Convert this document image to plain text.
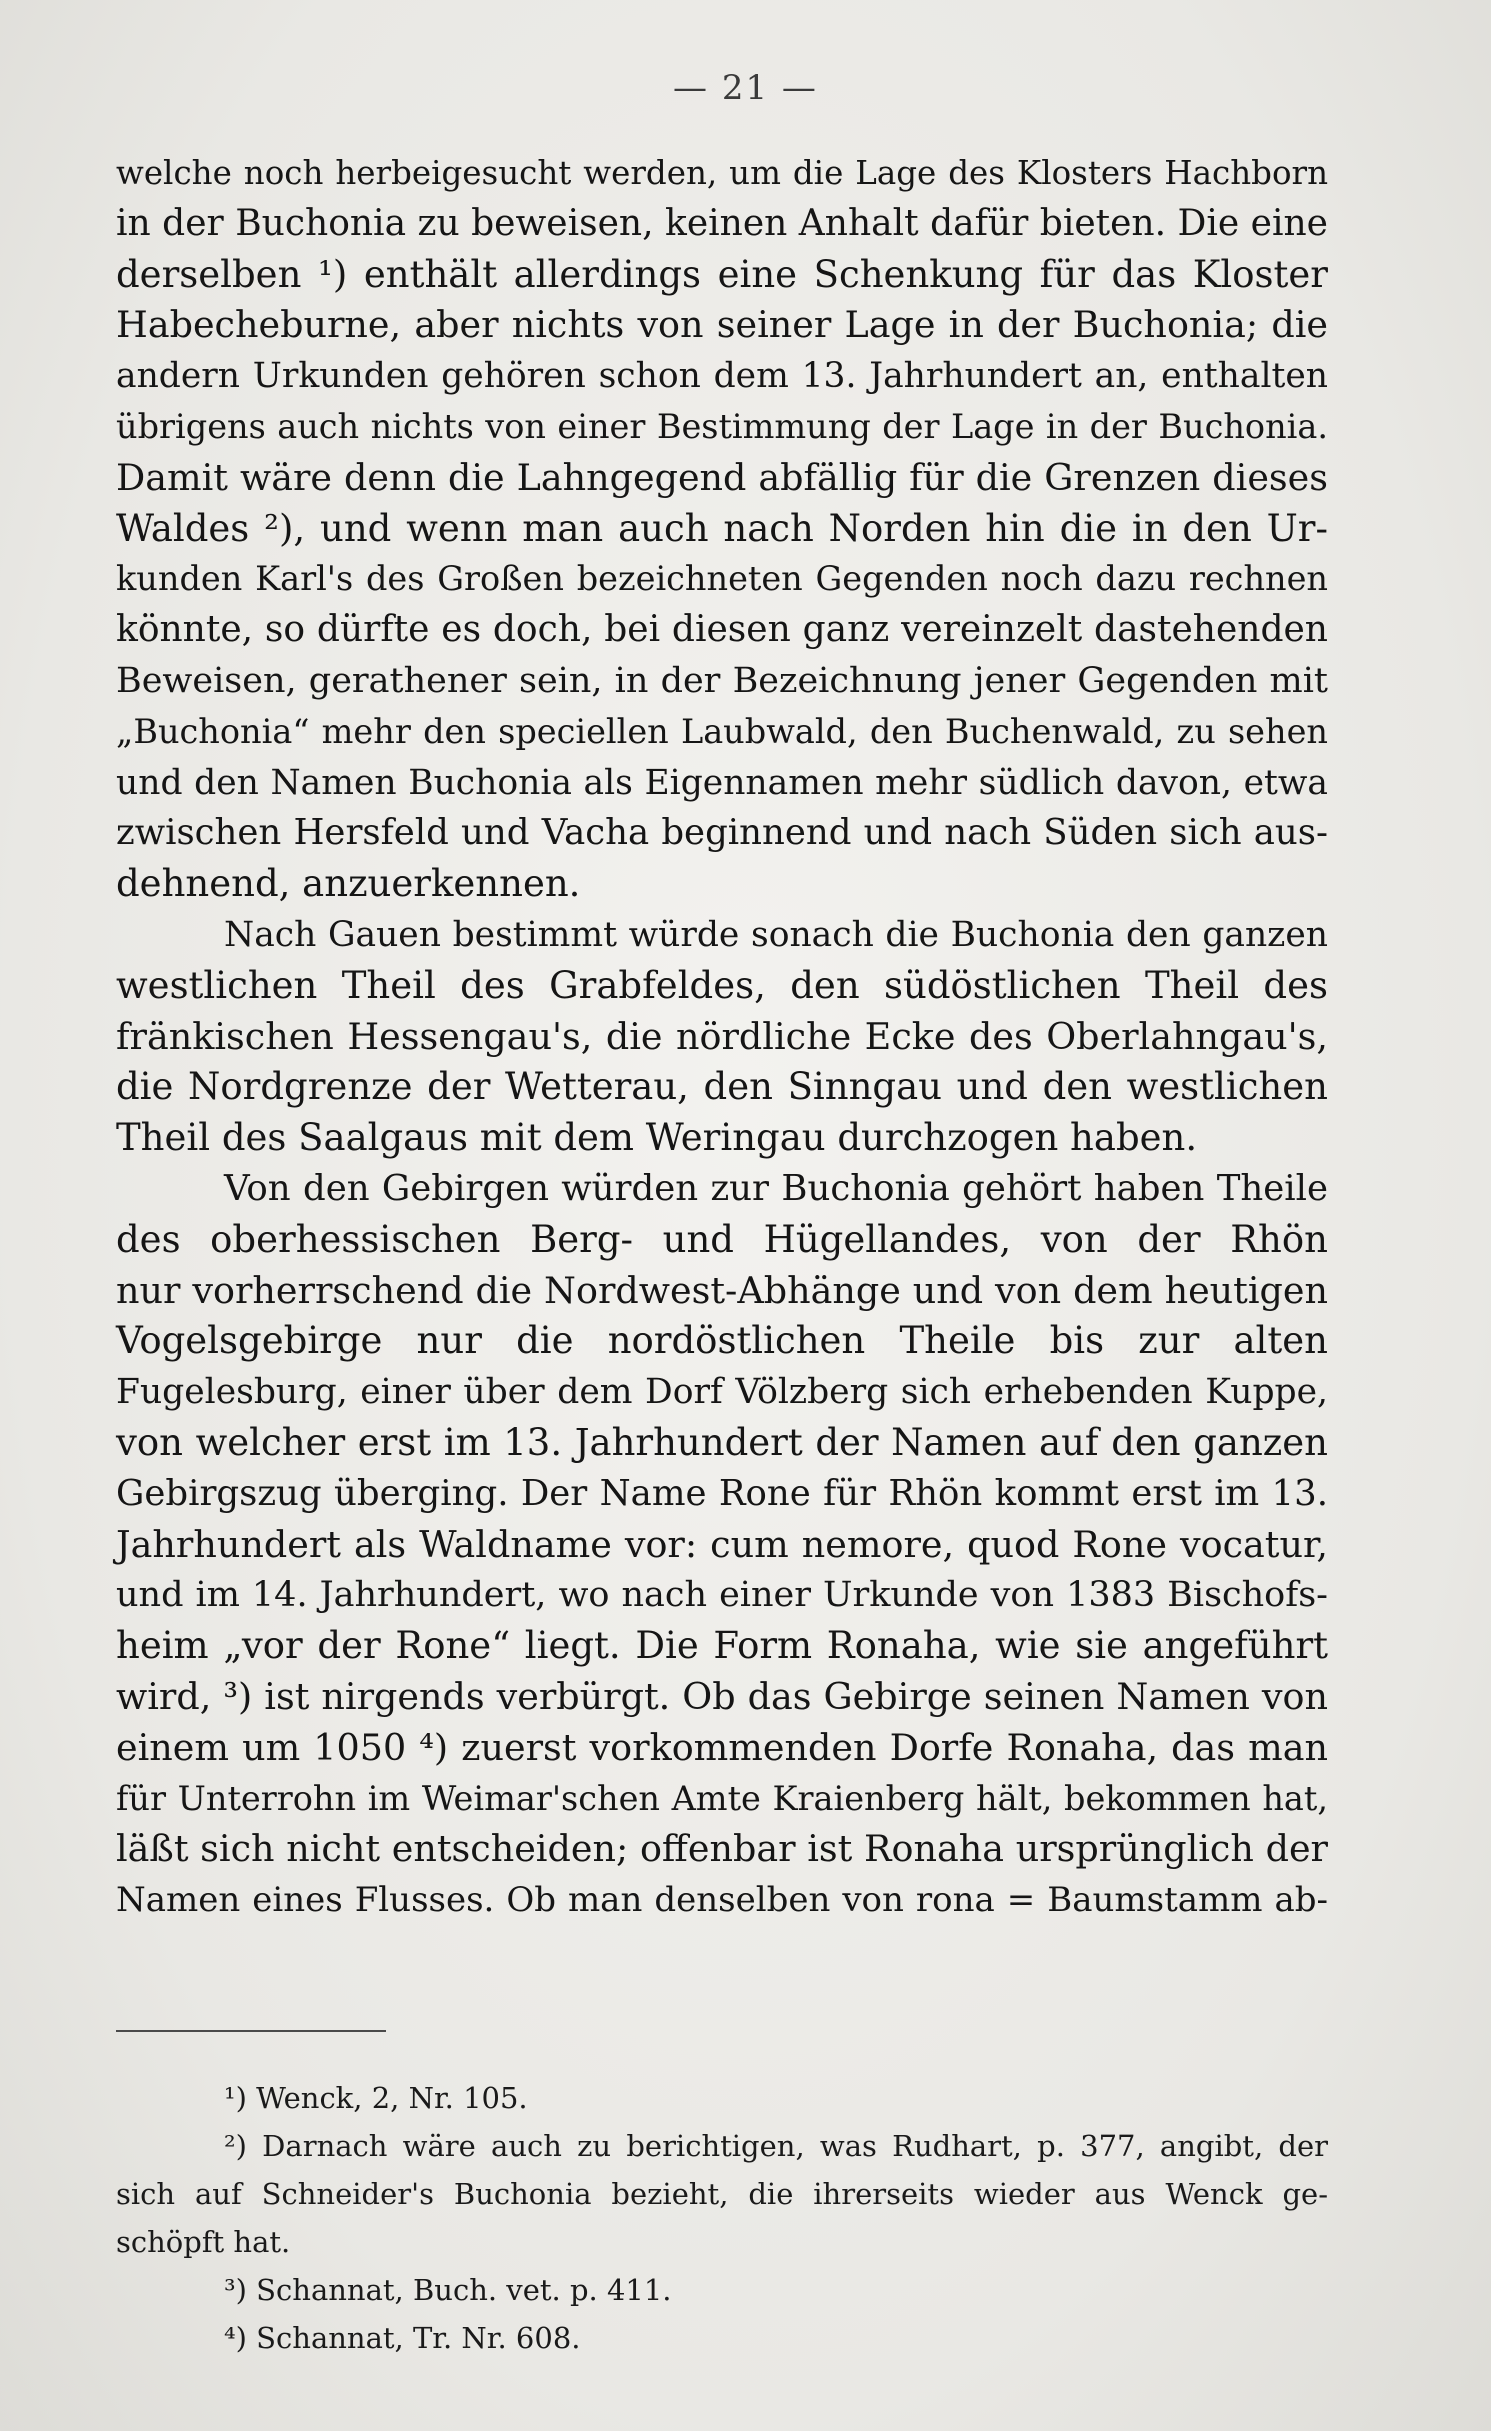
— 21 —

welche noch herbeigesucht werden, um die Lage des Klosters Hachborn
in der Buchonia zu beweisen, keinen Anhalt dafür bieten. Die eine
derselben ¹) enthält allerdings eine Schenkung für das Kloster
Habecheburne, aber nichts von seiner Lage in der Buchonia; die
andern Urkunden gehören schon dem 13. Jahrhundert an, enthalten
übrigens auch nichts von einer Bestimmung der Lage in der Buchonia.
Damit wäre denn die Lahngegend abfällig für die Grenzen dieses
Waldes ²), und wenn man auch nach Norden hin die in den Ur-
kunden Karl's des Großen bezeichneten Gegenden noch dazu rechnen
könnte, so dürfte es doch, bei diesen ganz vereinzelt dastehenden
Beweisen, gerathener sein, in der Bezeichnung jener Gegenden mit
„Buchonia“ mehr den speciellen Laubwald, den Buchenwald, zu sehen
und den Namen Buchonia als Eigennamen mehr südlich davon, etwa
zwischen Hersfeld und Vacha beginnend und nach Süden sich aus-
dehnend, anzuerkennen.

Nach Gauen bestimmt würde sonach die Buchonia den ganzen
westlichen Theil des Grabfeldes, den südöstlichen Theil des
fränkischen Hessengau's, die nördliche Ecke des Oberlahngau's,
die Nordgrenze der Wetterau, den Sinngau und den westlichen
Theil des Saalgaus mit dem Weringau durchzogen haben.

Von den Gebirgen würden zur Buchonia gehört haben Theile
des oberhessischen Berg- und Hügellandes, von der Rhön
nur vorherrschend die Nordwest-Abhänge und von dem heutigen
Vogelsgebirge nur die nordöstlichen Theile bis zur alten
Fugelesburg, einer über dem Dorf Völzberg sich erhebenden Kuppe,
von welcher erst im 13. Jahrhundert der Namen auf den ganzen
Gebirgszug überging. Der Name Rone für Rhön kommt erst im 13.
Jahrhundert als Waldname vor: cum nemore, quod Rone vocatur,
und im 14. Jahrhundert, wo nach einer Urkunde von 1383 Bischofs-
heim „vor der Rone“ liegt. Die Form Ronaha, wie sie angeführt
wird, ³) ist nirgends verbürgt. Ob das Gebirge seinen Namen von
einem um 1050 ⁴) zuerst vorkommenden Dorfe Ronaha, das man
für Unterrohn im Weimar'schen Amte Kraienberg hält, bekommen hat,
läßt sich nicht entscheiden; offenbar ist Ronaha ursprünglich der
Namen eines Flusses. Ob man denselben von rona = Baumstamm ab-

¹) Wenck, 2, Nr. 105.
²) Darnach wäre auch zu berichtigen, was Rudhart, p. 377, angibt, der
sich auf Schneider's Buchonia bezieht, die ihrerseits wieder aus Wenck ge-
schöpft hat.
³) Schannat, Buch. vet. p. 411.
⁴) Schannat, Tr. Nr. 608.
